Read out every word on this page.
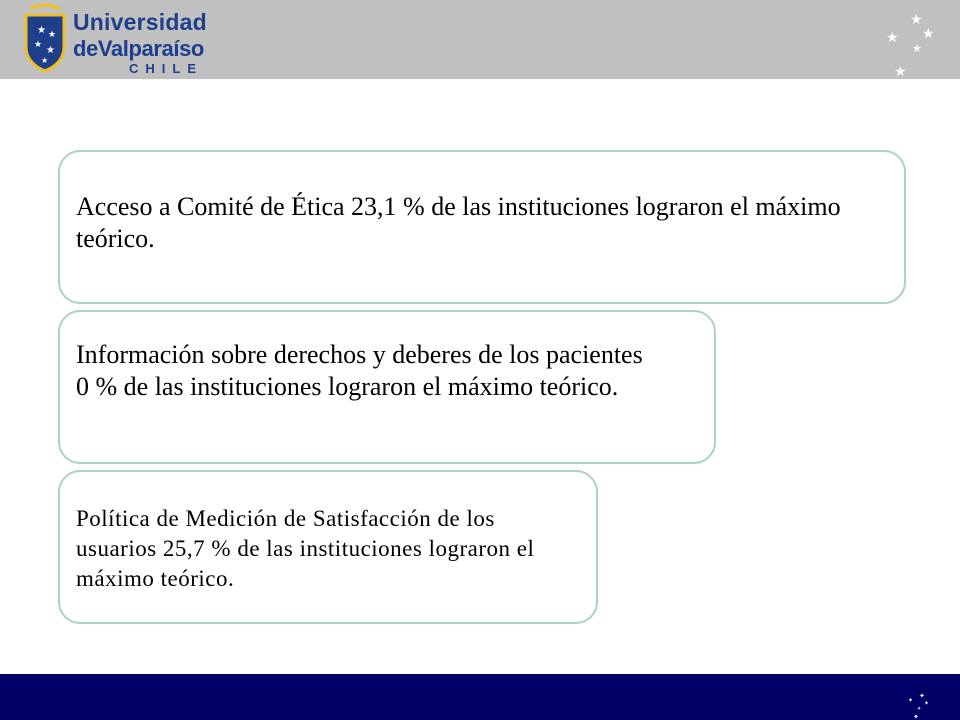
★ ★
★
★
★
Universidad
deValparaíso
CHILE
★
★ ★
★
★
Acceso a Comité de Ética 23,1 % de las instituciones lograron el máximo teórico.
Información sobre derechos y deberes de los pacientes 0 % de las instituciones lograron el máximo teórico.
Política de Medición de Satisfacción de los usuarios 25,7 % de las instituciones lograron el máximo teórico.
✦
✦ ✦
✦
✦
